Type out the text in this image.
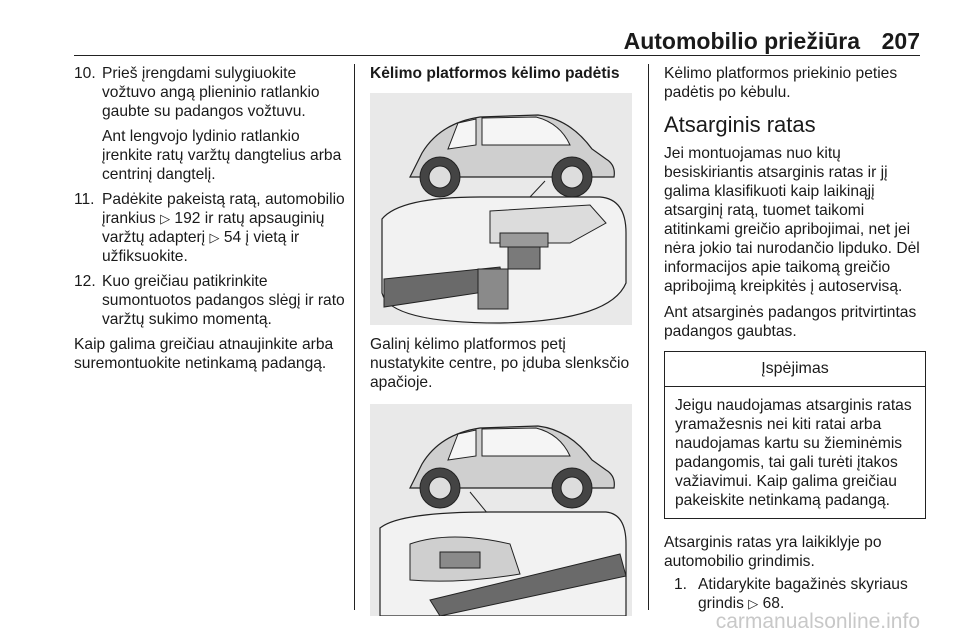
Automobilio priežiūra 207
10. Prieš įrengdami sulygiuokite vožtuvo angą plieninio ratlankio gaubte su padangos vožtuvu.

Ant lengvojo lydinio ratlankio įrenkite ratų varžtų dangtelius arba centrinį dangtelį.

11. Padėkite pakeistą ratą, automobilio įrankius ▷ 192 ir ratų apsauginių varžtų adapterį ▷ 54 į vietą ir užfiksuokite.

12. Kuo greičiau patikrinkite sumontuotos padangos slėgį ir rato varžtų sukimo momentą.

Kaip galima greičiau atnaujinkite arba suremontuokite netinkamą padangą.

Kėlimo platformos kėlimo padėtis

Galinį kėlimo platformos petį nustatykite centre, po įduba slenksčio apačioje.

Kėlimo platformos priekinio peties padėtis po kėbulu.

Atsarginis ratas

Jei montuojamas nuo kitų besiskiriantis atsarginis ratas ir jį galima klasifikuoti kaip laikinąjį atsarginį ratą, tuomet taikomi atitinkami greičio apribojimai, net jei nėra jokio tai nurodančio lipduko. Dėl informacijos apie taikomą greičio apribojimą kreipkitės į autoservisą.

Ant atsarginės padangos pritvirtintas padangos gaubtas.

Įspėjimas
Jeigu naudojamas atsarginis ratas yramažesnis nei kiti ratai arba naudojamas kartu su žieminėmis padangomis, tai gali turėti įtakos važiavimui. Kaip galima greičiau pakeiskite netinkamą padangą.

Atsarginis ratas yra laikiklyje po automobilio grindimis.

1. Atidarykite bagažinės skyriaus grindis ▷ 68.

carmanualsonline.info
